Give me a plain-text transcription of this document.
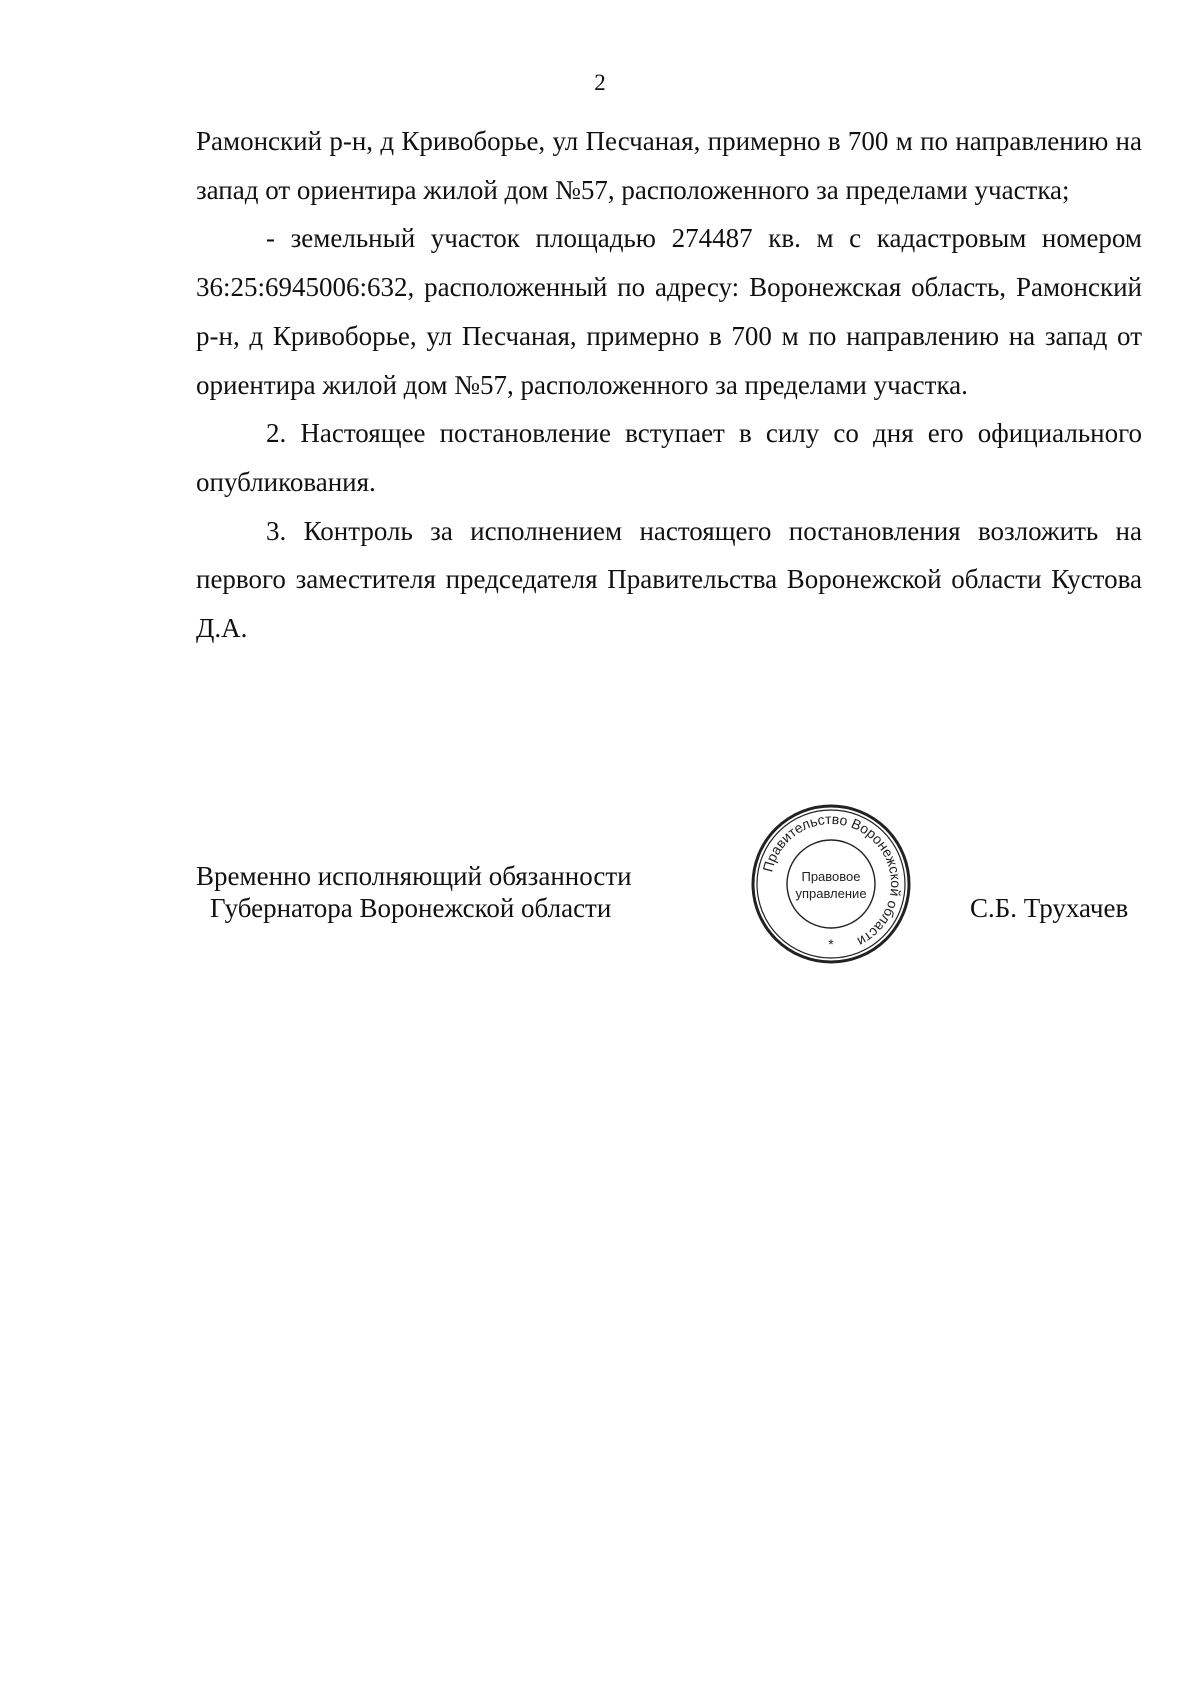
2

Рамонский р-н, д Кривоборье, ул Песчаная, примерно в 700 м по направлению на запад от ориентира жилой дом №57, расположенного за пределами участка;

- земельный участок площадью 274487 кв. м с кадастровым номером 36:25:6945006:632, расположенный по адресу: Воронежская область, Рамонский р-н, д Кривоборье, ул Песчаная, примерно в 700 м по направлению на запад от ориентира жилой дом №57, расположенного за пределами участка.

2. Настоящее постановление вступает в силу со дня его официального опубликования.

3. Контроль за исполнением настоящего постановления возложить на первого заместителя председателя Правительства Воронежской области Кустова Д.А.

Временно исполняющий обязанности
Губернатора Воронежской области	С.Б. Трухачев
Правительство Воронежской области
Правовое
управление
*
